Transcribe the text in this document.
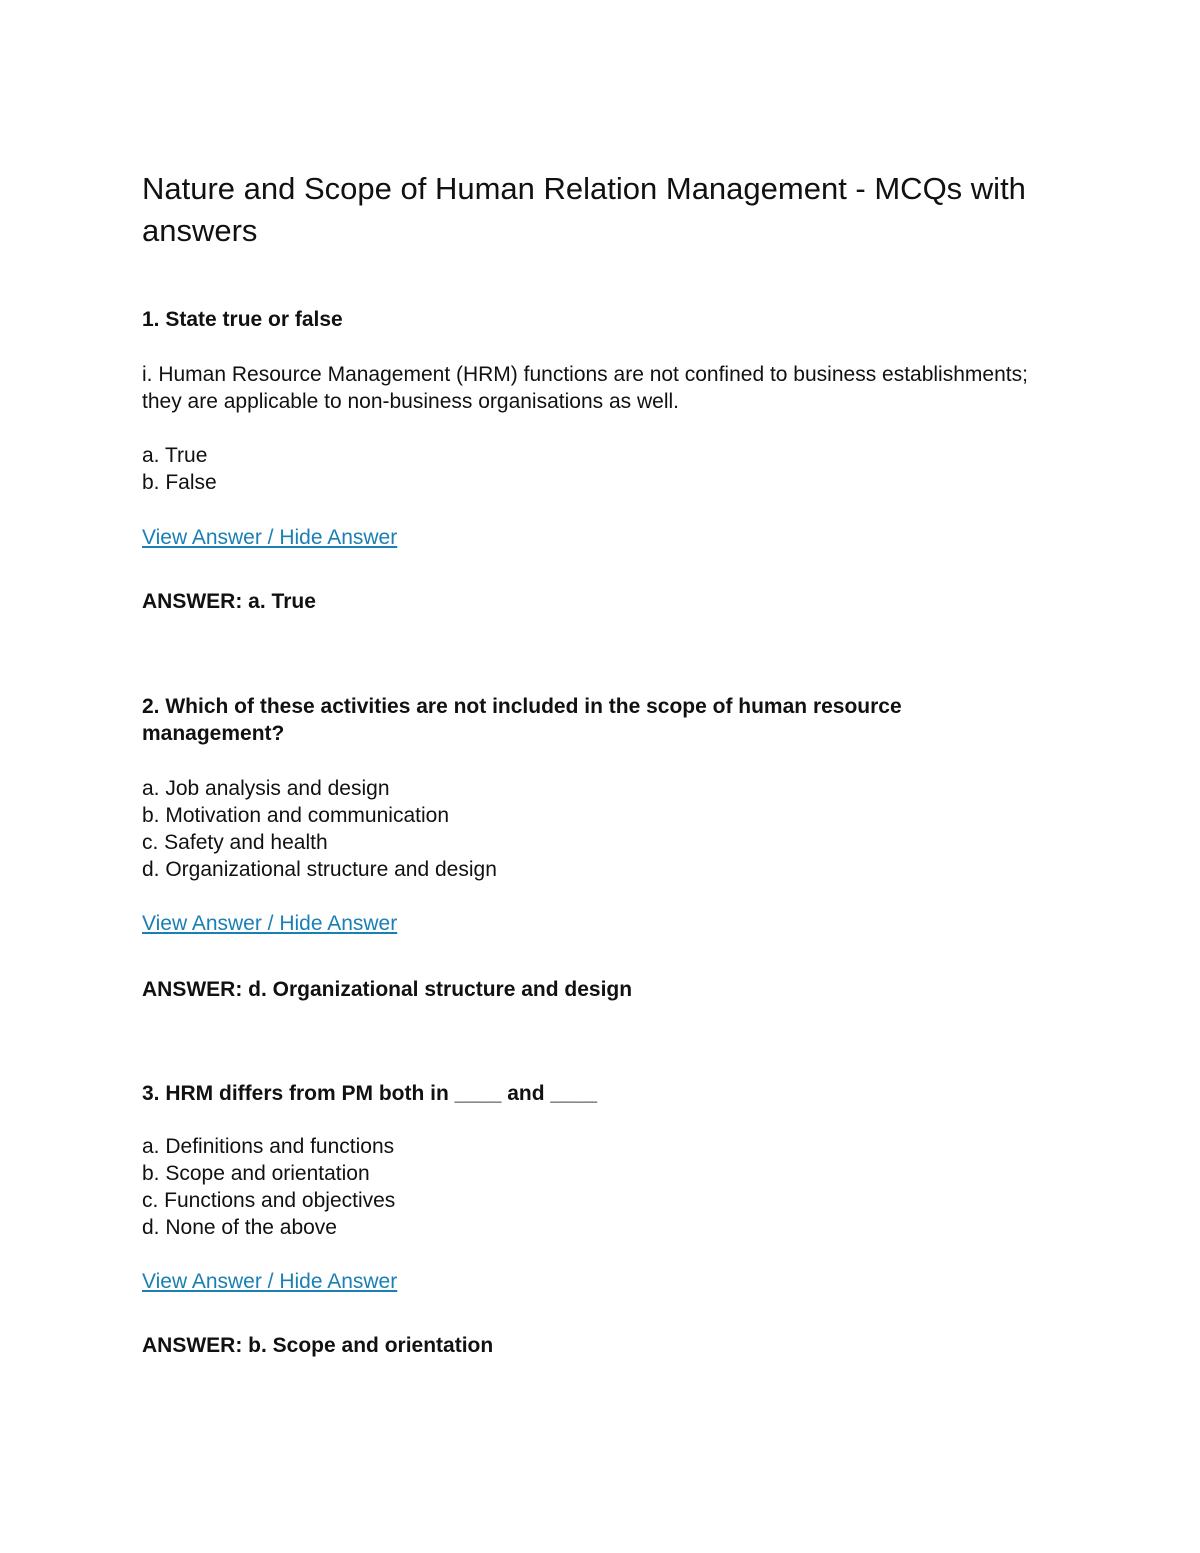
Nature and Scope of Human Relation Management - MCQs with answers

1. State true or false

i. Human Resource Management (HRM) functions are not confined to business establishments; they are applicable to non-business organisations as well.

a. True
b. False
View Answer / Hide Answer

ANSWER: a. True

2. Which of these activities are not included in the scope of human resource management?

a. Job analysis and design
b. Motivation and communication
c. Safety and health
d. Organizational structure and design
View Answer / Hide Answer

ANSWER: d. Organizational structure and design

3. HRM differs from PM both in ____ and ____

a. Definitions and functions
b. Scope and orientation
c. Functions and objectives
d. None of the above
View Answer / Hide Answer

ANSWER: b. Scope and orientation
